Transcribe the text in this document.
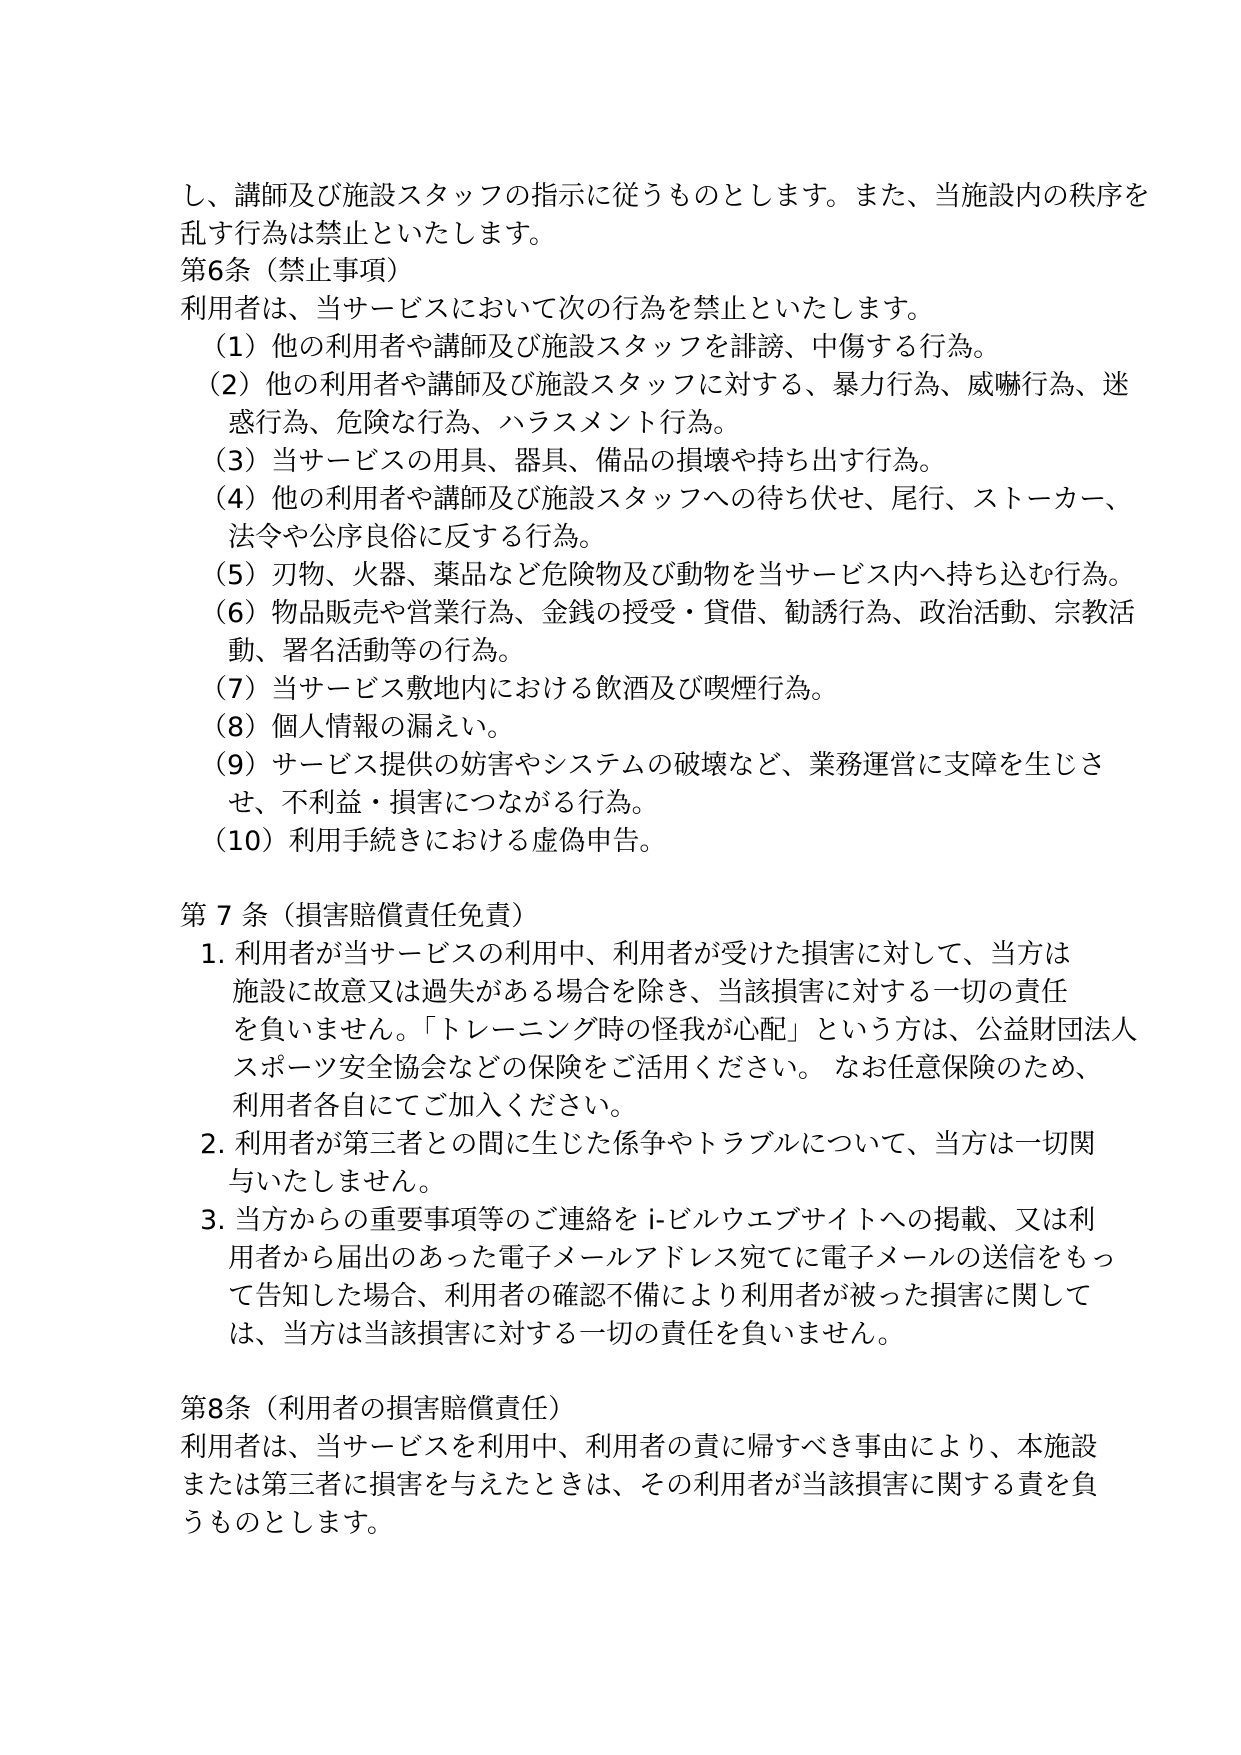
し、講師及び施設スタッフの指示に従うものとします。また、当施設内の秩序を

乱す行為は禁止といたします。

第6条（禁止事項）

利用者は、当サービスにおいて次の行為を禁止といたします。

（1）他の利用者や講師及び施設スタッフを誹謗、中傷する行為。

（2）他の利用者や講師及び施設スタッフに対する、暴力行為、威嚇行為、迷

惑行為、危険な行為、ハラスメント行為。

（3）当サービスの用具、器具、備品の損壊や持ち出す行為。

（4）他の利用者や講師及び施設スタッフへの待ち伏せ、尾行、ストーカー、

法令や公序良俗に反する行為。

（5）刃物、火器、薬品など危険物及び動物を当サービス内へ持ち込む行為。

（6）物品販売や営業行為、金銭の授受・貸借、勧誘行為、政治活動、宗教活

動、署名活動等の行為。

（7）当サービス敷地内における飲酒及び喫煙行為。

（8）個人情報の漏えい。

（9）サービス提供の妨害やシステムの破壊など、業務運営に支障を生じさ

せ、不利益・損害につながる行為。

（10）利用手続きにおける虚偽申告。

第 7 条（損害賠償責任免責）

1. 利用者が当サービスの利用中、利用者が受けた損害に対して、当方は

施設に故意又は過失がある場合を除き、当該損害に対する一切の責任

を負いません。「トレーニング時の怪我が心配」という方は、公益財団法人

スポーツ安全協会などの保険をご活用ください。 なお任意保険のため、

利用者各自にてご加入ください。

2. 利用者が第三者との間に生じた係争やトラブルについて、当方は一切関

与いたしません。

3. 当方からの重要事項等のご連絡を i-ビルウエブサイトへの掲載、又は利

用者から届出のあった電子メールアドレス宛てに電子メールの送信をもっ

て告知した場合、利用者の確認不備により利用者が被った損害に関して

は、当方は当該損害に対する一切の責任を負いません。

第8条（利用者の損害賠償責任）

利用者は、当サービスを利用中、利用者の責に帰すべき事由により、本施設

または第三者に損害を与えたときは、その利用者が当該損害に関する責を負

うものとします。
